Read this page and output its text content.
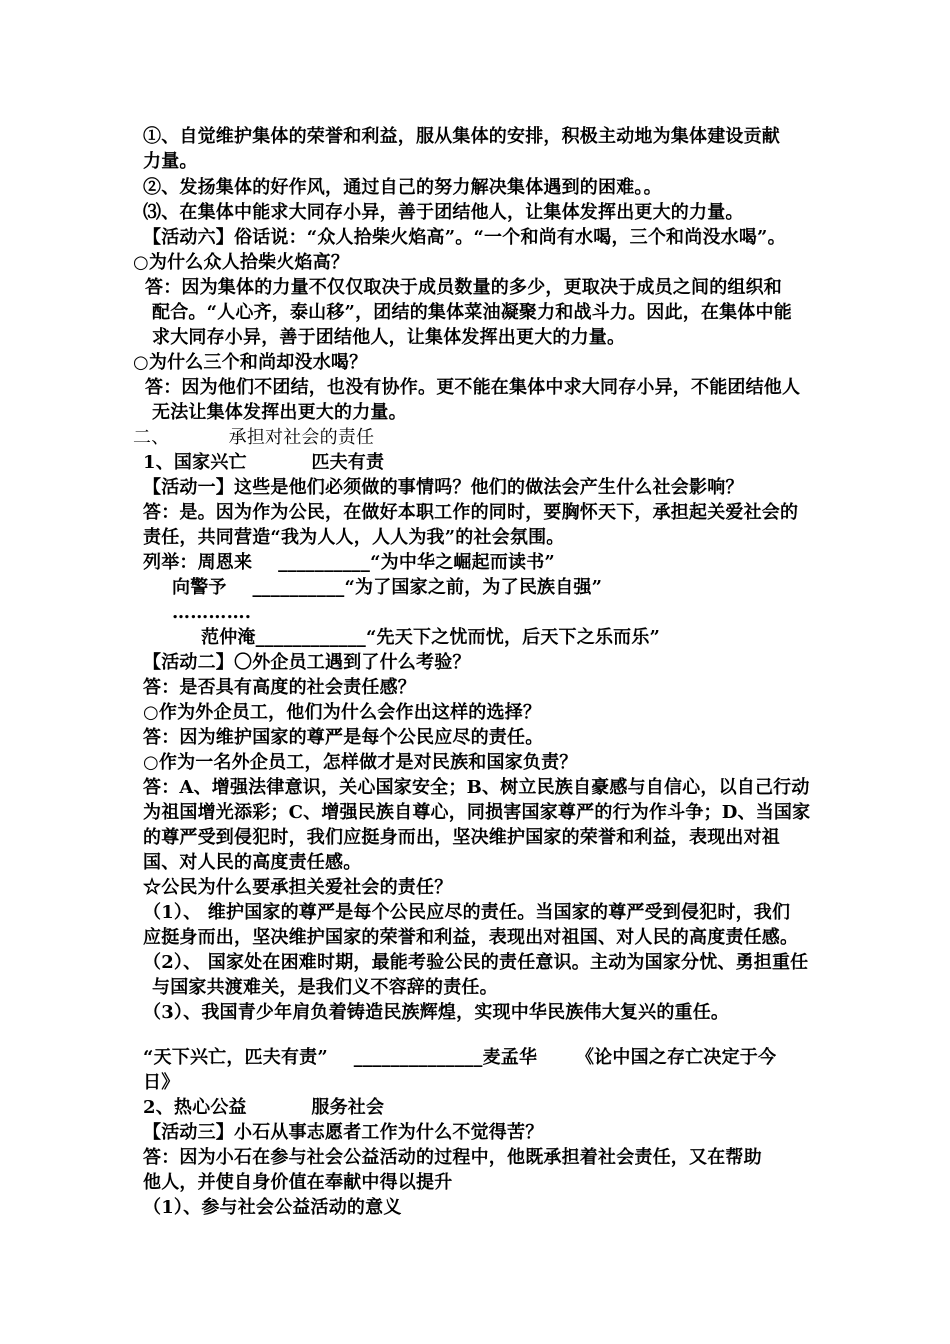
①、自觉维护集体的荣誉和利益，服从集体的安排，积极主动地为集体建设贡献
力量。
②、发扬集体的好作风，通过自己的努力解决集体遇到的困难。。
⑶、在集体中能求大同存小异，善于团结他人，让集体发挥出更大的力量。
【活动六】俗话说：“众人拾柴火焰高”。“一个和尚有水喝，三个和尚没水喝”。
○为什么众人拾柴火焰高？
答：因为集体的力量不仅仅取决于成员数量的多少，更取决于成员之间的组织和
配合。“人心齐，泰山移”，团结的集体菜油凝聚力和战斗力。因此，在集体中能
求大同存小异，善于团结他人，让集体发挥出更大的力量。
○为什么三个和尚却没水喝？
答：因为他们不团结，也没有协作。更不能在集体中求大同存小异，不能团结他人
无法让集体发挥出更大的力量。
二、          承担对社会的责任
1、国家兴亡          匹夫有责
【活动一】这些是他们必须做的事情吗？他们的做法会产生什么社会影响？
答：是。因为作为公民，在做好本职工作的同时，要胸怀天下，承担起关爱社会的
责任，共同营造“我为人人，人人为我”的社会氛围。
列举：周恩来    __________“为中华之崛起而读书”
向警予    __________“为了国家之前，为了民族自强”
………….
范仲淹____________“先天下之忧而忧，后天下之乐而乐”
【活动二】〇外企员工遇到了什么考验？
答：是否具有高度的社会责任感？
○作为外企员工，他们为什么会作出这样的选择？
答：因为维护国家的尊严是每个公民应尽的责任。
○作为一名外企员工，怎样做才是对民族和国家负责？
答：A、增强法律意识，关心国家安全；B、树立民族自豪感与自信心，以自己行动
为祖国增光添彩；C、增强民族自尊心，同损害国家尊严的行为作斗争；D、当国家
的尊严受到侵犯时，我们应挺身而出，坚决维护国家的荣誉和利益，表现出对祖
国、对人民的高度责任感。
☆公民为什么要承担关爱社会的责任？
（1）、 维护国家的尊严是每个公民应尽的责任。当国家的尊严受到侵犯时，我们
应挺身而出，坚决维护国家的荣誉和利益，表现出对祖国、对人民的高度责任感。
（2）、 国家处在困难时期，最能考验公民的责任意识。主动为国家分忧、勇担重任
与国家共渡难关，是我们义不容辞的责任。
（3）、我国青少年肩负着铸造民族辉煌，实现中华民族伟大复兴的重任。
“天下兴亡，匹夫有责”    ______________麦孟华      《论中国之存亡决定于今
日》
2、热心公益          服务社会
【活动三】小石从事志愿者工作为什么不觉得苦？
答：因为小石在参与社会公益活动的过程中，他既承担着社会责任，又在帮助
他人，并使自身价值在奉献中得以提升
（1）、参与社会公益活动的意义
